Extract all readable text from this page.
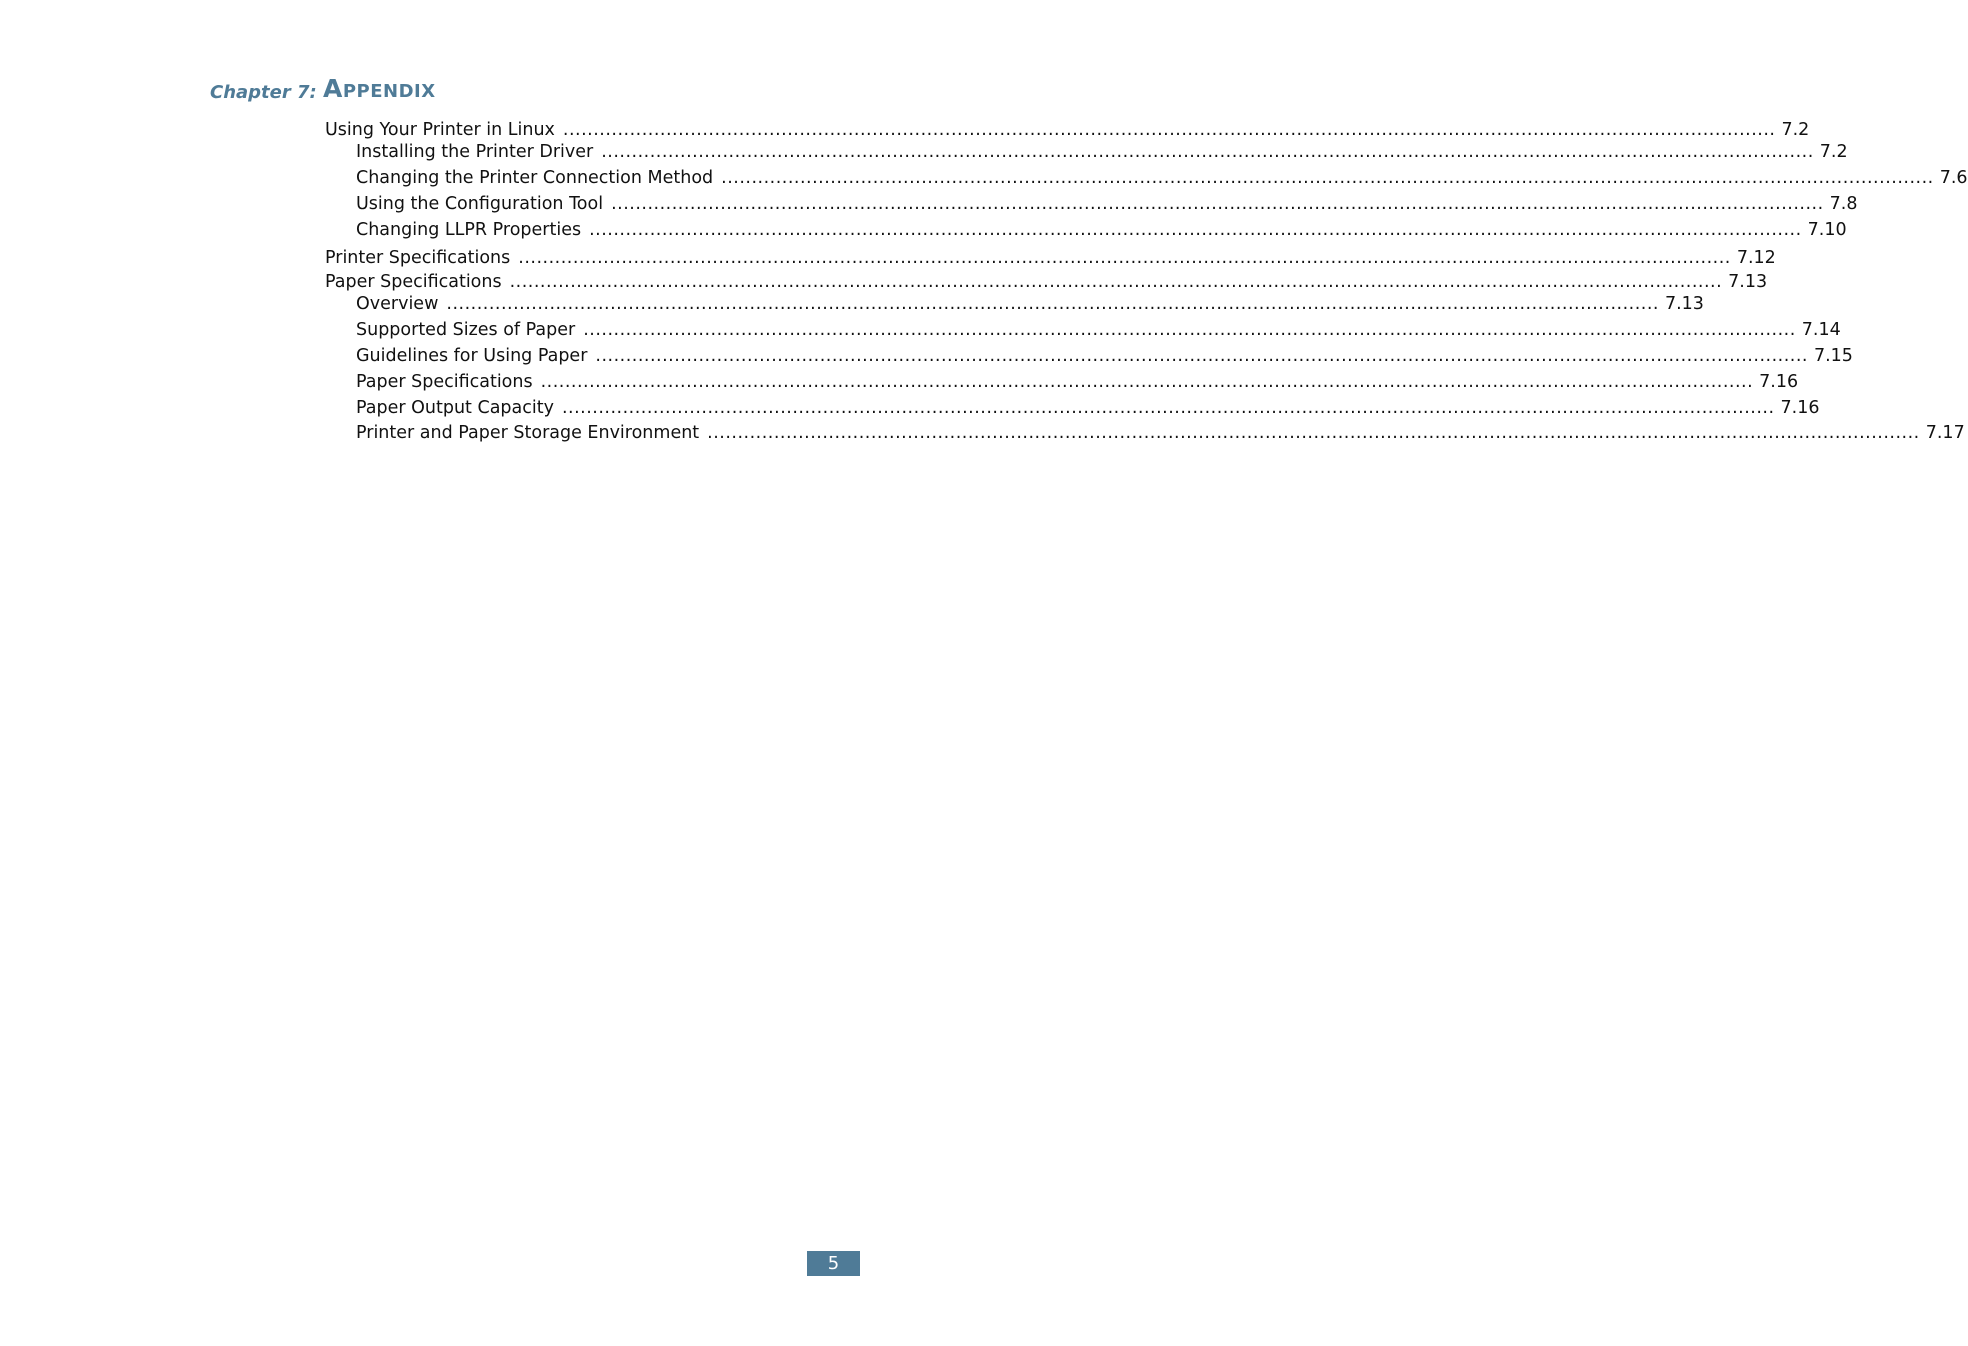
Chapter 7: Appendix
Using Your Printer in Linux ........................................................................................................................................................................................................ 7.2
Installing the Printer Driver ........................................................................................................................................................................................................ 7.2
Changing the Printer Connection Method ........................................................................................................................................................................................................ 7.6
Using the Configuration Tool ........................................................................................................................................................................................................ 7.8
Changing LLPR Properties ........................................................................................................................................................................................................ 7.10
Printer Specifications ........................................................................................................................................................................................................ 7.12
Paper Specifications ........................................................................................................................................................................................................ 7.13
Overview ........................................................................................................................................................................................................ 7.13
Supported Sizes of Paper ........................................................................................................................................................................................................ 7.14
Guidelines for Using Paper ........................................................................................................................................................................................................ 7.15
Paper Specifications ........................................................................................................................................................................................................ 7.16
Paper Output Capacity ........................................................................................................................................................................................................ 7.16
Printer and Paper Storage Environment ........................................................................................................................................................................................................ 7.17
5
